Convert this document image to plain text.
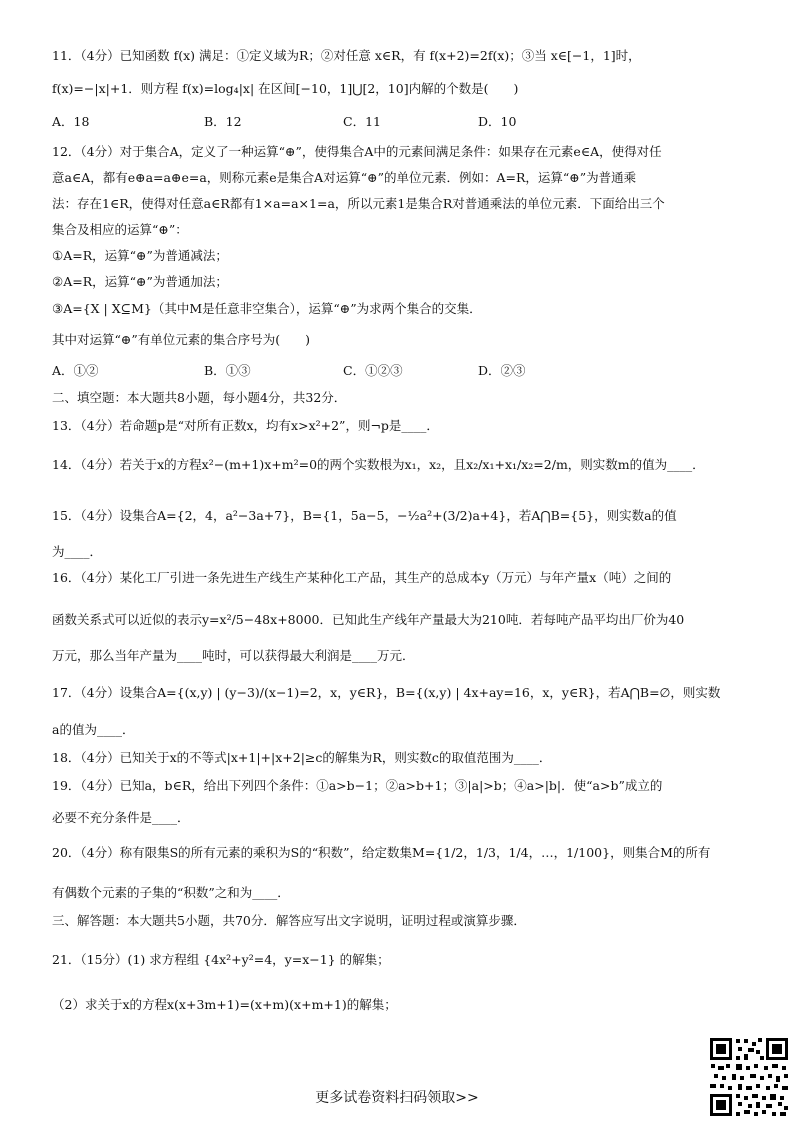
11．（4分）已知函数 f(x) 满足：①定义域为R；②对任意 x∈R，有 f(x+2)=2f(x)；③当 x∈[−1，1]时，
f(x)=−|x|+1．则方程 f(x)=log₄|x| 在区间[−10，1]⋃[2，10]内解的个数是(　　)
A．18	B．12	C．11	D．10
12．（4分）对于集合A，定义了一种运算“⊕”，使得集合A中的元素间满足条件：如果存在元素e∈A，使得对任
意a∈A，都有e⊕a=a⊕e=a，则称元素e是集合A对运算“⊕”的单位元素．例如：A=R，运算“⊕”为普通乘
法：存在1∈R，使得对任意a∈R都有1×a=a×1=a，所以元素1是集合R对普通乘法的单位元素．下面给出三个
集合及相应的运算“⊕”：
①A=R，运算“⊕”为普通减法；
②A=R，运算“⊕”为普通加法；
③A={X | X⊆M}（其中M是任意非空集合），运算“⊕”为求两个集合的交集．
其中对运算“⊕”有单位元素的集合序号为(　　)
A．①②	B．①③	C．①②③	D．②③
二、填空题：本大题共8小题，每小题4分，共32分．
13．（4分）若命题p是“对所有正数x，均有x>x²+2”，则¬p是____．
14．（4分）若关于x的方程x²−(m+1)x+m²=0的两个实数根为x₁，x₂，且x₂/x₁+x₁/x₂=2/m，则实数m的值为____．
15．（4分）设集合A={2，4，a²−3a+7}，B={1，5a−5，−½a²+(3/2)a+4}，若A⋂B={5}，则实数a的值
为____．
16．（4分）某化工厂引进一条先进生产线生产某种化工产品，其生产的总成本y（万元）与年产量x（吨）之间的
函数关系式可以近似的表示y=x²/5−48x+8000．已知此生产线年产量最大为210吨．若每吨产品平均出厂价为40
万元，那么当年产量为____吨时，可以获得最大利润是____万元．
17．（4分）设集合A={(x,y) | (y−3)/(x−1)=2，x，y∈R}，B={(x,y) | 4x+ay=16，x，y∈R}，若A⋂B=∅，则实数
a的值为____．
18．（4分）已知关于x的不等式|x+1|+|x+2|≥c的解集为R，则实数c的取值范围为____．
19．（4分）已知a，b∈R，给出下列四个条件：①a>b−1；②a>b+1；③|a|>b；④a>|b|．使“a>b”成立的
必要不充分条件是____．
20．（4分）称有限集S的所有元素的乘积为S的“积数”，给定数集M={1/2，1/3，1/4，…，1/100}，则集合M的所有
有偶数个元素的子集的“积数”之和为____．
三、解答题：本大题共5小题，共70分．解答应写出文字说明，证明过程或演算步骤．
21．（15分）(1) 求方程组 {4x²+y²=4，y=x−1} 的解集；
（2）求关于x的方程x(x+3m+1)=(x+m)(x+m+1)的解集；
更多试卷资料扫码领取>>
